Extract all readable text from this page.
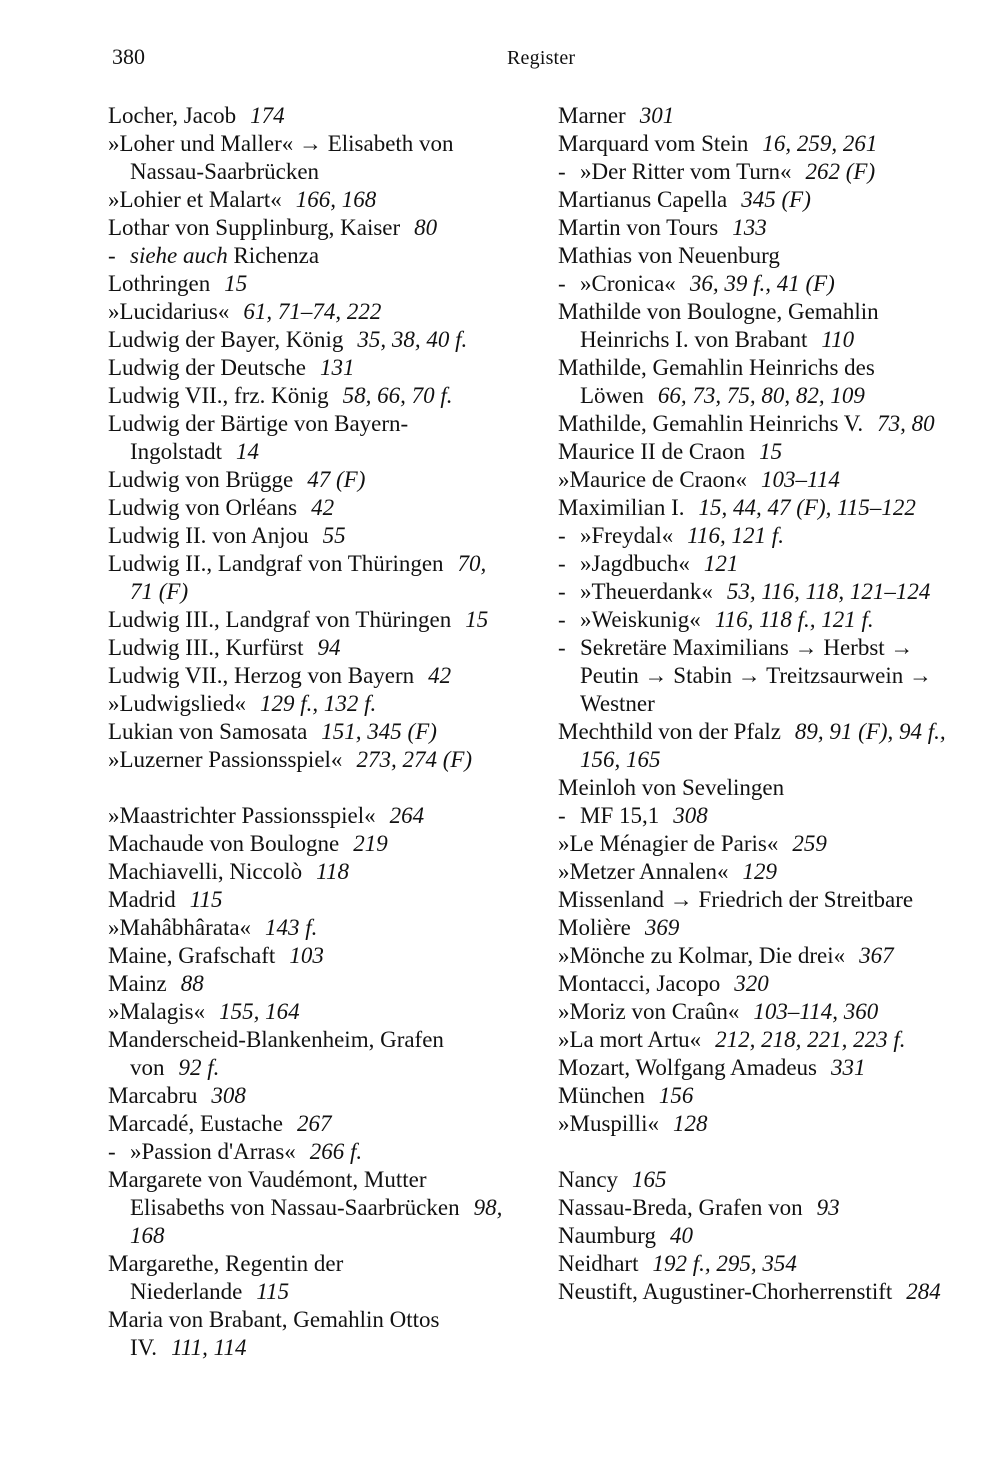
380	Register
Locher, Jacob 174
»Loher und Maller« → Elisabeth von Nassau-Saarbrücken
»Lohier et Malart« 166, 168
Lothar von Supplinburg, Kaiser 80
- siehe auch Richenza
Lothringen 15
»Lucidarius« 61, 71–74, 222
Ludwig der Bayer, König 35, 38, 40 f.
Ludwig der Deutsche 131
Ludwig VII., frz. König 58, 66, 70 f.
Ludwig der Bärtige von Bayern-Ingolstadt 14
Ludwig von Brügge 47 (F)
Ludwig von Orléans 42
Ludwig II. von Anjou 55
Ludwig II., Landgraf von Thüringen 70, 71 (F)
Ludwig III., Landgraf von Thüringen 15
Ludwig III., Kurfürst 94
Ludwig VII., Herzog von Bayern 42
»Ludwigslied« 129 f., 132 f.
Lukian von Samosata 151, 345 (F)
»Luzerner Passionsspiel« 273, 274 (F)
»Maastrichter Passionsspiel« 264
Machaude von Boulogne 219
Machiavelli, Niccolò 118
Madrid 115
»Mahâbhârata« 143 f.
Maine, Grafschaft 103
Mainz 88
»Malagis« 155, 164
Manderscheid-Blankenheim, Grafen von 92 f.
Marcabru 308
Marcadé, Eustache 267
- »Passion d'Arras« 266 f.
Margarete von Vaudémont, Mutter Elisabeths von Nassau-Saarbrücken 98, 168
Margarethe, Regentin der Niederlande 115
Maria von Brabant, Gemahlin Ottos IV. 111, 114
Marner 301
Marquard vom Stein 16, 259, 261
- »Der Ritter vom Turn« 262 (F)
Martianus Capella 345 (F)
Martin von Tours 133
Mathias von Neuenburg
- »Cronica« 36, 39 f., 41 (F)
Mathilde von Boulogne, Gemahlin Heinrichs I. von Brabant 110
Mathilde, Gemahlin Heinrichs des Löwen 66, 73, 75, 80, 82, 109
Mathilde, Gemahlin Heinrichs V. 73, 80
Maurice II de Craon 15
»Maurice de Craon« 103–114
Maximilian I. 15, 44, 47 (F), 115–122
- »Freydal« 116, 121 f.
- »Jagdbuch« 121
- »Theuerdank« 53, 116, 118, 121–124
- »Weiskunig« 116, 118 f., 121 f.
- Sekretäre Maximilians → Herbst → Peutin → Stabin → Treitzsaurwein → Westner
Mechthild von der Pfalz 89, 91 (F), 94 f., 156, 165
Meinloh von Sevelingen
- MF 15,1 308
»Le Ménagier de Paris« 259
»Metzer Annalen« 129
Missenland → Friedrich der Streitbare
Molière 369
»Mönche zu Kolmar, Die drei« 367
Montacci, Jacopo 320
»Moriz von Craûn« 103–114, 360
»La mort Artu« 212, 218, 221, 223 f.
Mozart, Wolfgang Amadeus 331
München 156
»Muspilli« 128
Nancy 165
Nassau-Breda, Grafen von 93
Naumburg 40
Neidhart 192 f., 295, 354
Neustift, Augustiner-Chorherrenstift 284
